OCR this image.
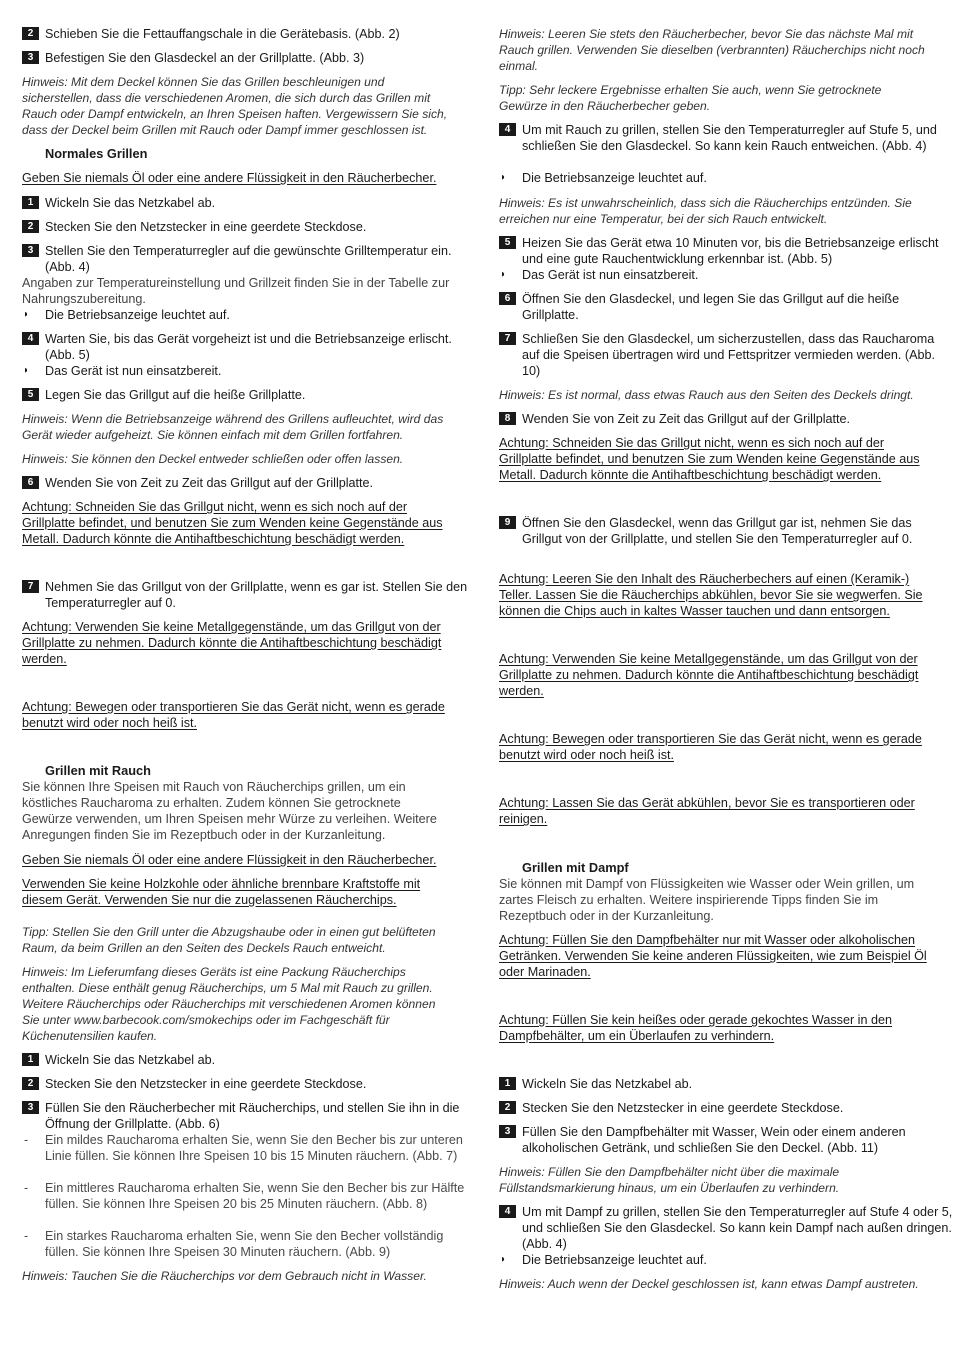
2 Schieben Sie die Fettauffangschale in die Gerätebasis. (Abb. 2)
3 Befestigen Sie den Glasdeckel an der Grillplatte. (Abb. 3)
Hinweis: Mit dem Deckel können Sie das Grillen beschleunigen und sicherstellen, dass die verschiedenen Aromen, die sich durch das Grillen mit Rauch oder Dampf entwickeln, an Ihren Speisen haften. Vergewissern Sie sich, dass der Deckel beim Grillen mit Rauch oder Dampf immer geschlossen ist.
Normales Grillen
Geben Sie niemals Öl oder eine andere Flüssigkeit in den Räucherbecher.
1 Wickeln Sie das Netzkabel ab.
2 Stecken Sie den Netzstecker in eine geerdete Steckdose.
3 Stellen Sie den Temperaturregler auf die gewünschte Grilltemperatur ein. (Abb. 4)
Angaben zur Temperatureinstellung und Grillzeit finden Sie in der Tabelle zur Nahrungszubereitung.
◗ Die Betriebsanzeige leuchtet auf.
4 Warten Sie, bis das Gerät vorgeheizt ist und die Betriebsanzeige erlischt. (Abb. 5)
◗ Das Gerät ist nun einsatzbereit.
5 Legen Sie das Grillgut auf die heiße Grillplatte.
Hinweis: Wenn die Betriebsanzeige während des Grillens aufleuchtet, wird das Gerät wieder aufgeheizt. Sie können einfach mit dem Grillen fortfahren.
Hinweis: Sie können den Deckel entweder schließen oder offen lassen.
6 Wenden Sie von Zeit zu Zeit das Grillgut auf der Grillplatte.
Achtung: Schneiden Sie das Grillgut nicht, wenn es sich noch auf der Grillplatte befindet, und benutzen Sie zum Wenden keine Gegenstände aus Metall. Dadurch könnte die Antihaftbeschichtung beschädigt werden.
7 Nehmen Sie das Grillgut von der Grillplatte, wenn es gar ist. Stellen Sie den Temperaturregler auf 0.
Achtung: Verwenden Sie keine Metallgegenstände, um das Grillgut von der Grillplatte zu nehmen. Dadurch könnte die Antihaftbeschichtung beschädigt werden.
Achtung: Bewegen oder transportieren Sie das Gerät nicht, wenn es gerade benutzt wird oder noch heiß ist.
Grillen mit Rauch
Sie können Ihre Speisen mit Rauch von Räucherchips grillen, um ein köstliches Raucharoma zu erhalten. Zudem können Sie getrocknete Gewürze verwenden, um Ihren Speisen mehr Würze zu verleihen. Weitere Anregungen finden Sie im Rezeptbuch oder in der Kurzanleitung.
Geben Sie niemals Öl oder eine andere Flüssigkeit in den Räucherbecher.
Verwenden Sie keine Holzkohle oder ähnliche brennbare Kraftstoffe mit diesem Gerät. Verwenden Sie nur die zugelassenen Räucherchips.
Tipp: Stellen Sie den Grill unter die Abzugshaube oder in einen gut belüfteten Raum, da beim Grillen an den Seiten des Deckels Rauch entweicht.
Hinweis: Im Lieferumfang dieses Geräts ist eine Packung Räucherchips enthalten. Diese enthält genug Räucherchips, um 5 Mal mit Rauch zu grillen. Weitere Räucherchips oder Räucherchips mit verschiedenen Aromen können Sie unter www.barbecook.com/smokechips oder im Fachgeschäft für Küchenutensilien kaufen.
1 Wickeln Sie das Netzkabel ab.
2 Stecken Sie den Netzstecker in eine geerdete Steckdose.
3 Füllen Sie den Räucherbecher mit Räucherchips, und stellen Sie ihn in die Öffnung der Grillplatte. (Abb. 6)
- Ein mildes Raucharoma erhalten Sie, wenn Sie den Becher bis zur unteren Linie füllen. Sie können Ihre Speisen 10 bis 15 Minuten räuchern. (Abb. 7)
- Ein mittleres Raucharoma erhalten Sie, wenn Sie den Becher bis zur Hälfte füllen. Sie können Ihre Speisen 20 bis 25 Minuten räuchern. (Abb. 8)
- Ein starkes Raucharoma erhalten Sie, wenn Sie den Becher vollständig füllen. Sie können Ihre Speisen 30 Minuten räuchern. (Abb. 9)
Hinweis: Tauchen Sie die Räucherchips vor dem Gebrauch nicht in Wasser.
Hinweis: Leeren Sie stets den Räucherbecher, bevor Sie das nächste Mal mit Rauch grillen. Verwenden Sie dieselben (verbrannten) Räucherchips nicht noch einmal.
Tipp: Sehr leckere Ergebnisse erhalten Sie auch, wenn Sie getrocknete Gewürze in den Räucherbecher geben.
4 Um mit Rauch zu grillen, stellen Sie den Temperaturregler auf Stufe 5, und schließen Sie den Glasdeckel. So kann kein Rauch entweichen. (Abb. 4)
◗ Die Betriebsanzeige leuchtet auf.
Hinweis: Es ist unwahrscheinlich, dass sich die Räucherchips entzünden. Sie erreichen nur eine Temperatur, bei der sich Rauch entwickelt.
5 Heizen Sie das Gerät etwa 10 Minuten vor, bis die Betriebsanzeige erlischt und eine gute Rauchentwicklung erkennbar ist. (Abb. 5)
◗ Das Gerät ist nun einsatzbereit.
6 Öffnen Sie den Glasdeckel, und legen Sie das Grillgut auf die heiße Grillplatte.
7 Schließen Sie den Glasdeckel, um sicherzustellen, dass das Raucharoma auf die Speisen übertragen wird und Fettspritzer vermieden werden. (Abb. 10)
Hinweis: Es ist normal, dass etwas Rauch aus den Seiten des Deckels dringt.
8 Wenden Sie von Zeit zu Zeit das Grillgut auf der Grillplatte.
Achtung: Schneiden Sie das Grillgut nicht, wenn es sich noch auf der Grillplatte befindet, und benutzen Sie zum Wenden keine Gegenstände aus Metall. Dadurch könnte die Antihaftbeschichtung beschädigt werden.
9 Öffnen Sie den Glasdeckel, wenn das Grillgut gar ist, nehmen Sie das Grillgut von der Grillplatte, und stellen Sie den Temperaturregler auf 0.
Achtung: Leeren Sie den Inhalt des Räucherbechers auf einen (Keramik-) Teller. Lassen Sie die Räucherchips abkühlen, bevor Sie sie wegwerfen. Sie können die Chips auch in kaltes Wasser tauchen und dann entsorgen.
Achtung: Verwenden Sie keine Metallgegenstände, um das Grillgut von der Grillplatte zu nehmen. Dadurch könnte die Antihaftbeschichtung beschädigt werden.
Achtung: Bewegen oder transportieren Sie das Gerät nicht, wenn es gerade benutzt wird oder noch heiß ist.
Achtung: Lassen Sie das Gerät abkühlen, bevor Sie es transportieren oder reinigen.
Grillen mit Dampf
Sie können mit Dampf von Flüssigkeiten wie Wasser oder Wein grillen, um zartes Fleisch zu erhalten. Weitere inspirierende Tipps finden Sie im Rezeptbuch oder in der Kurzanleitung.
Achtung: Füllen Sie den Dampfbehälter nur mit Wasser oder alkoholischen Getränken. Verwenden Sie keine anderen Flüssigkeiten, wie zum Beispiel Öl oder Marinaden.
Achtung: Füllen Sie kein heißes oder gerade gekochtes Wasser in den Dampfbehälter, um ein Überlaufen zu verhindern.
1 Wickeln Sie das Netzkabel ab.
2 Stecken Sie den Netzstecker in eine geerdete Steckdose.
3 Füllen Sie den Dampfbehälter mit Wasser, Wein oder einem anderen alkoholischen Getränk, und schließen Sie den Deckel. (Abb. 11)
Hinweis: Füllen Sie den Dampfbehälter nicht über die maximale Füllstandsmarkierung hinaus, um ein Überlaufen zu verhindern.
4 Um mit Dampf zu grillen, stellen Sie den Temperaturregler auf Stufe 4 oder 5, und schließen Sie den Glasdeckel. So kann kein Dampf nach außen dringen. (Abb. 4)
◗ Die Betriebsanzeige leuchtet auf.
Hinweis: Auch wenn der Deckel geschlossen ist, kann etwas Dampf austreten.
